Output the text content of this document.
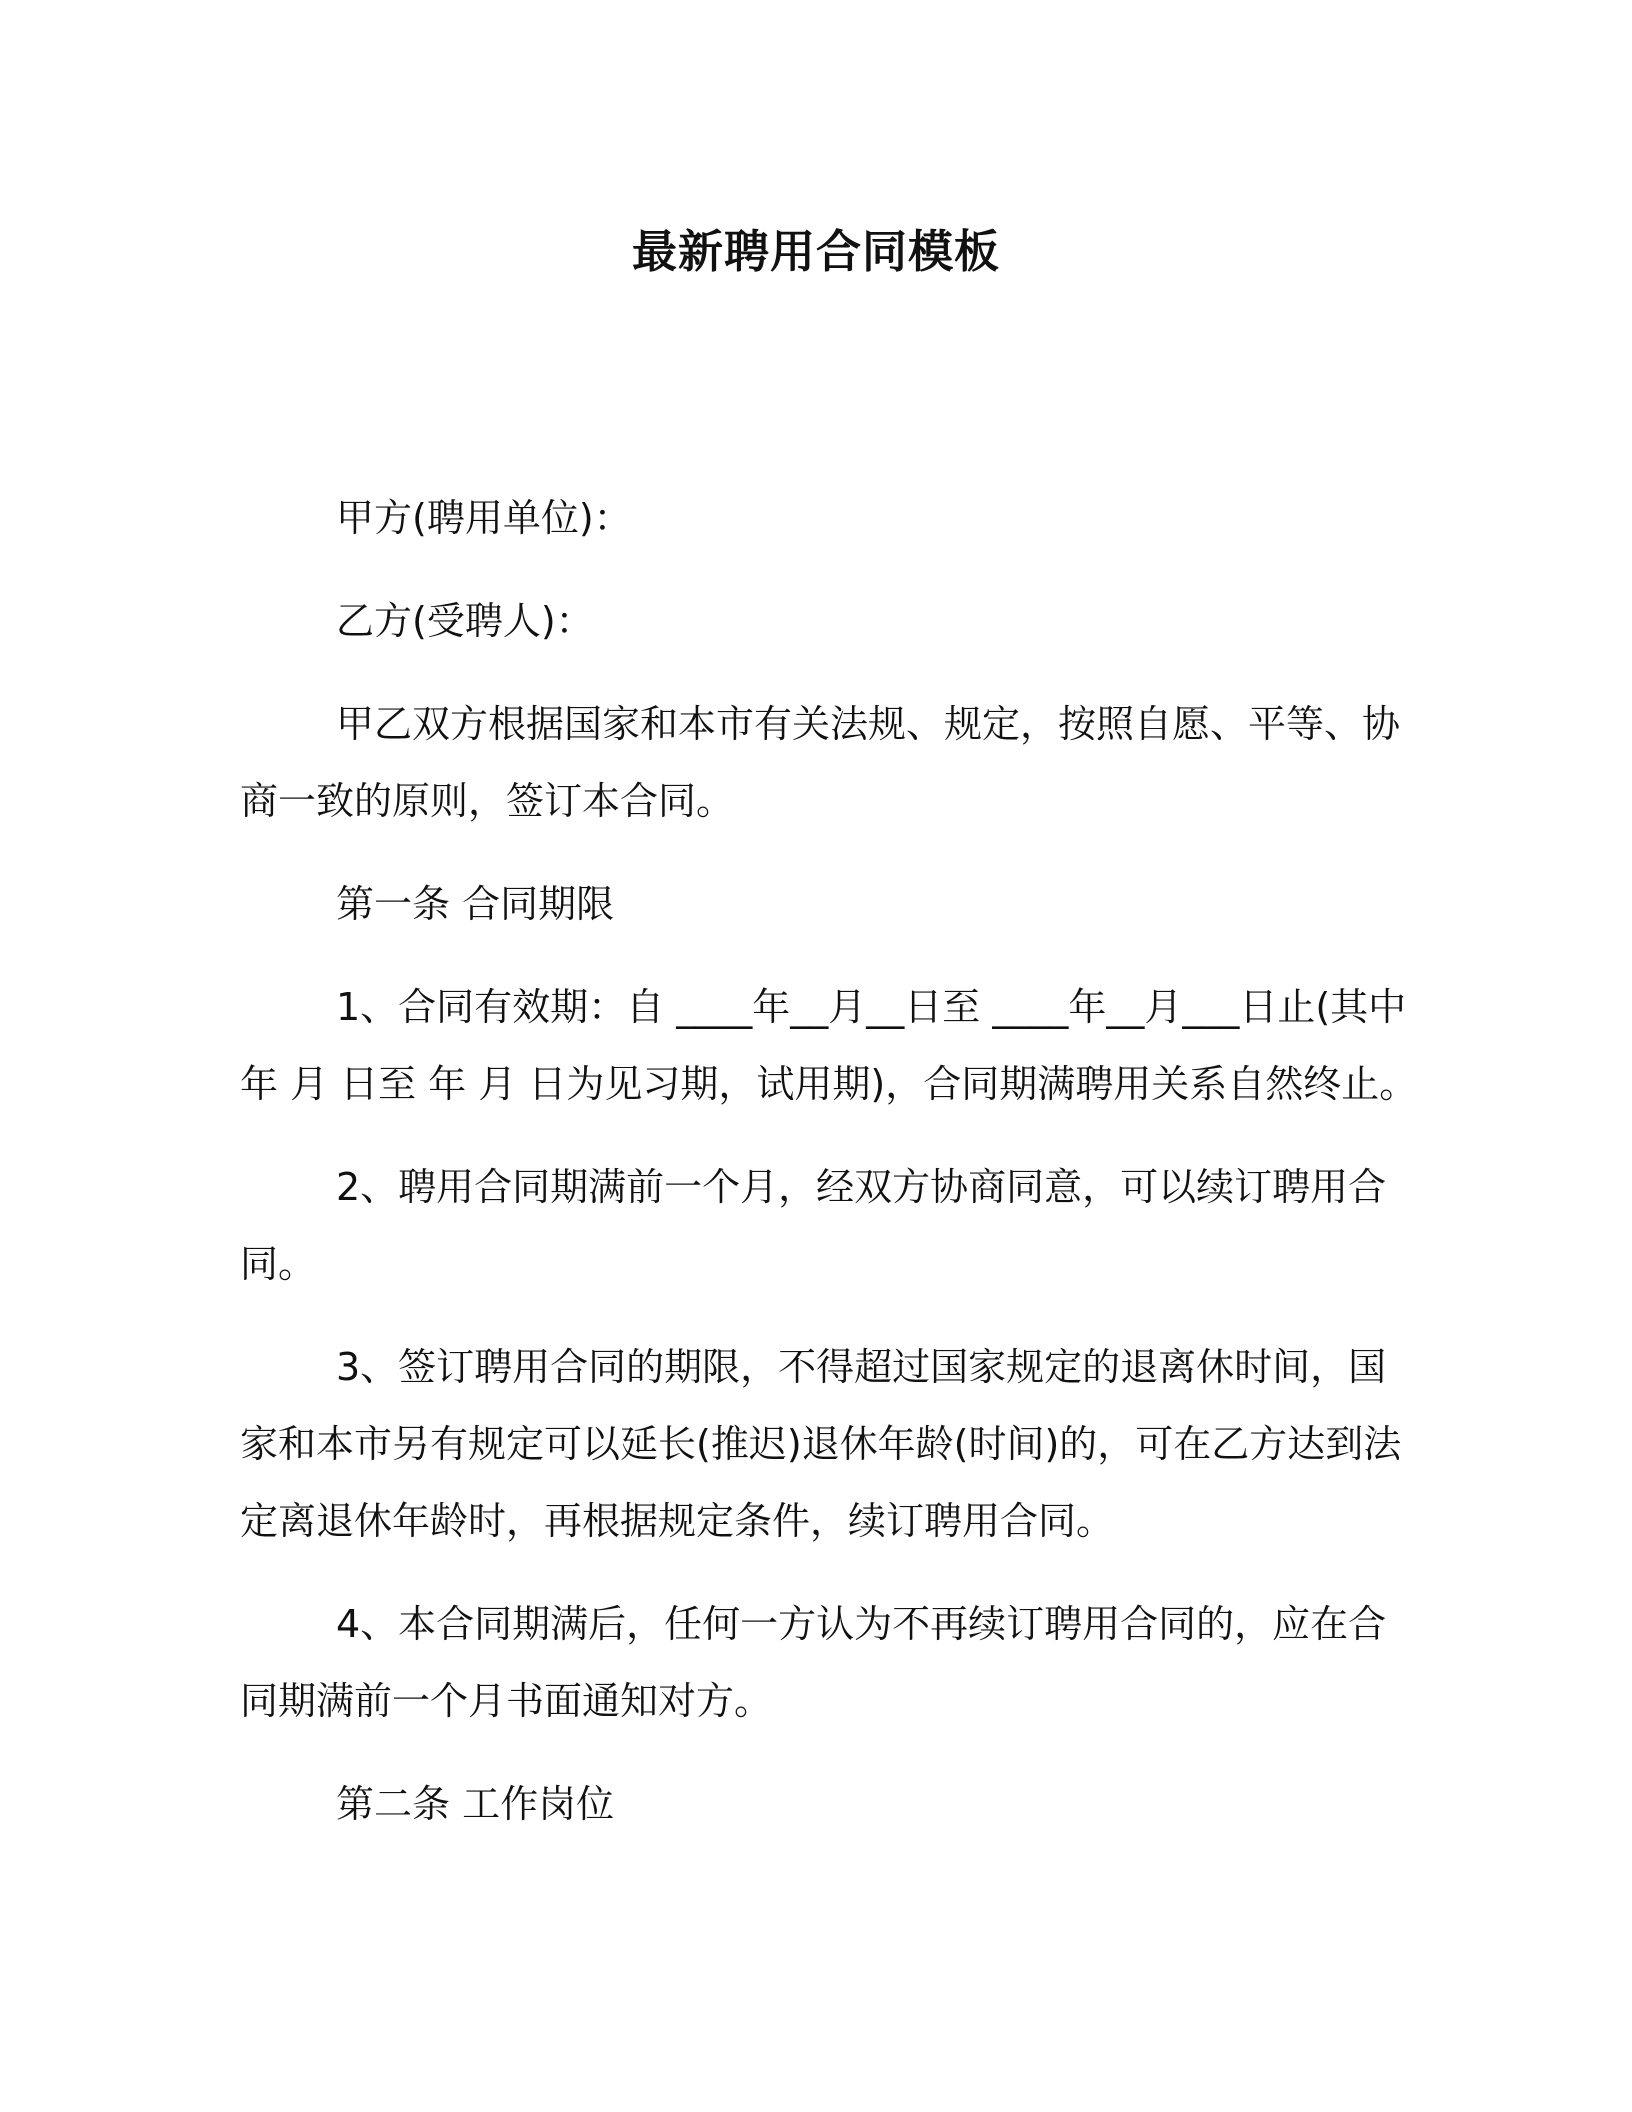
最新聘用合同模板
甲方(聘用单位)：
乙方(受聘人)：
甲乙双方根据国家和本市有关法规、规定，按照自愿、平等、协商一致的原则，签订本合同。
第一条 合同期限
1、合同有效期：自 ____年__月__日至 ____年__月___日止(其中 年 月 日至 年 月 日为见习期，试用期)，合同期满聘用关系自然终止。
2、聘用合同期满前一个月，经双方协商同意，可以续订聘用合同。
3、签订聘用合同的期限，不得超过国家规定的退离休时间，国家和本市另有规定可以延长(推迟)退休年龄(时间)的，可在乙方达到法定离退休年龄时，再根据规定条件，续订聘用合同。
4、本合同期满后，任何一方认为不再续订聘用合同的，应在合同期满前一个月书面通知对方。
第二条 工作岗位
